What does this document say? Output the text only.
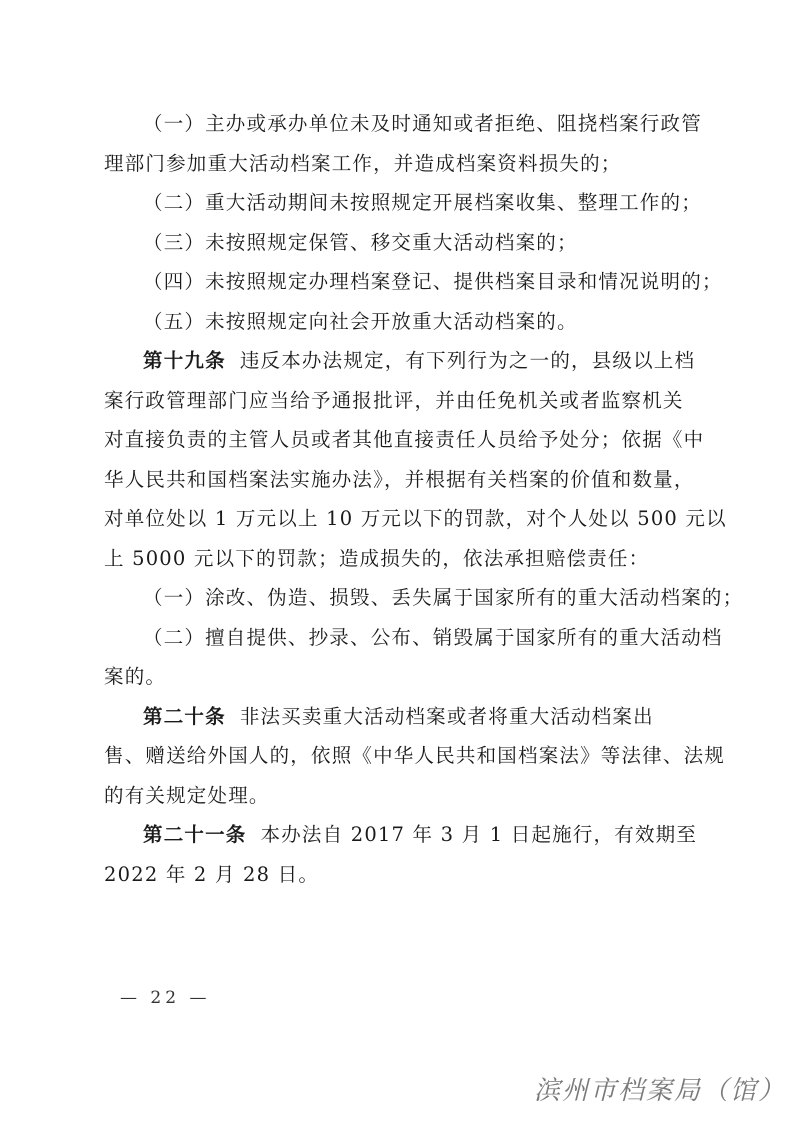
（一）主办或承办单位未及时通知或者拒绝、阻挠档案行政管
理部门参加重大活动档案工作，并造成档案资料损失的；
（二）重大活动期间未按照规定开展档案收集、整理工作的；
（三）未按照规定保管、移交重大活动档案的；
（四）未按照规定办理档案登记、提供档案目录和情况说明的；
（五）未按照规定向社会开放重大活动档案的。
第十九条 违反本办法规定，有下列行为之一的，县级以上档
案行政管理部门应当给予通报批评，并由任免机关或者监察机关
对直接负责的主管人员或者其他直接责任人员给予处分；依据《中
华人民共和国档案法实施办法》，并根据有关档案的价值和数量，
对单位处以 1 万元以上 10 万元以下的罚款，对个人处以 500 元以
上 5000 元以下的罚款；造成损失的，依法承担赔偿责任：
（一）涂改、伪造、损毁、丢失属于国家所有的重大活动档案的；
（二）擅自提供、抄录、公布、销毁属于国家所有的重大活动档
案的。
第二十条 非法买卖重大活动档案或者将重大活动档案出
售、赠送给外国人的，依照《中华人民共和国档案法》等法律、法规
的有关规定处理。
第二十一条 本办法自 2017 年 3 月 1 日起施行，有效期至
2022 年 2 月 28 日。
— 22 —
滨州市档案局（馆）
